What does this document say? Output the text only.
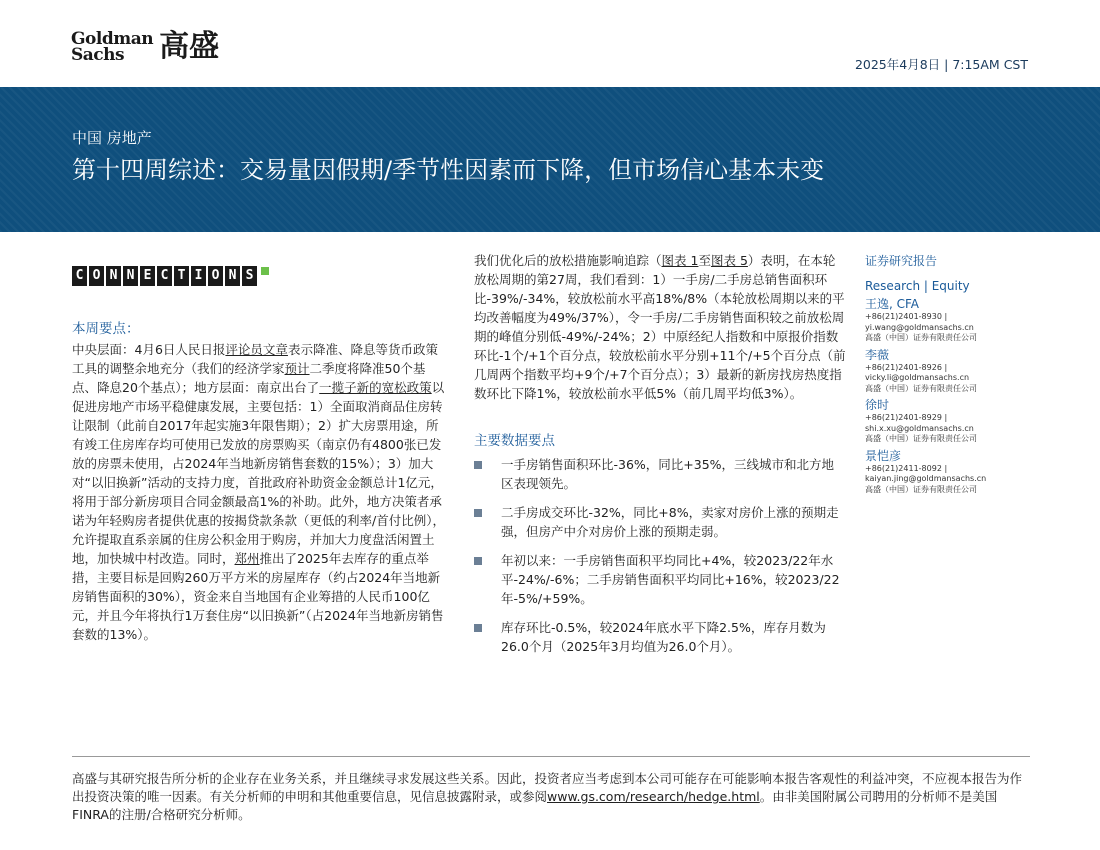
Goldman
Sachs	高盛
2025年4月8日 | 7:15AM CST
中国 房地产
第十四周综述：交易量因假期/季节性因素而下降，但市场信心基本未变
C O N N E C T I O N S
本周要点：
中央层面：4月6日人民日报评论员文章表示降准、降息等货币政策工具的调整余地充分（我们的经济学家预计二季度将降准50个基点、降息20个基点）；地方层面：南京出台了一揽子新的宽松政策以促进房地产市场平稳健康发展，主要包括：1）全面取消商品住房转让限制（此前自2017年起实施3年限售期）；2）扩大房票用途，所有竣工住房库存均可使用已发放的房票购买（南京仍有4800张已发放的房票未使用，占2024年当地新房销售套数的15%）；3）加大对“以旧换新”活动的支持力度，首批政府补助资金金额总计1亿元，将用于部分新房项目合同金额最高1%的补助。此外，地方决策者承诺为年轻购房者提供优惠的按揭贷款条款（更低的利率/首付比例），允许提取直系亲属的住房公积金用于购房，并加大力度盘活闲置土地，加快城中村改造。同时，郑州推出了2025年去库存的重点举措，主要目标是回购260万平方米的房屋库存（约占2024年当地新房销售面积的30%），资金来自当地国有企业筹措的人民币100亿元，并且今年将执行1万套住房“以旧换新”（占2024年当地新房销售套数的13%）。
我们优化后的放松措施影响追踪（图表 1至图表 5）表明，在本轮放松周期的第27周，我们看到：1）一手房/二手房总销售面积环比-39%/-34%，较放松前水平高18%/8%（本轮放松周期以来的平均改善幅度为49%/37%），令一手房/二手房销售面积较之前放松周期的峰值分别低-49%/-24%；2）中原经纪人指数和中原报价指数环比-1个/+1个百分点，较放松前水平分别+11个/+5个百分点（前几周两个指数平均+9个/+7个百分点）；3）最新的新房找房热度指数环比下降1%，较放松前水平低5%（前几周平均低3%）。
主要数据要点
一手房销售面积环比-36%，同比+35%，三线城市和北方地区表现领先。
二手房成交环比-32%，同比+8%，卖家对房价上涨的预期走强，但房产中介对房价上涨的预期走弱。
年初以来：一手房销售面积平均同比+4%，较2023/22年水平-24%/-6%；二手房销售面积平均同比+16%，较2023/22年-5%/+59%。
库存环比-0.5%，较2024年底水平下降2.5%，库存月数为26.0个月（2025年3月均值为26.0个月）。
证券研究报告
Research | Equity
王逸, CFA
+86(21)2401-8930 |
yi.wang@goldmansachs.cn
高盛（中国）证券有限责任公司
李薇
+86(21)2401-8926 |
vicky.li@goldmansachs.cn
高盛（中国）证券有限责任公司
徐时
+86(21)2401-8929 |
shi.x.xu@goldmansachs.cn
高盛（中国）证券有限责任公司
景恺彦
+86(21)2411-8092 |
kaiyan.jing@goldmansachs.cn
高盛（中国）证券有限责任公司
高盛与其研究报告所分析的企业存在业务关系，并且继续寻求发展这些关系。因此，投资者应当考虑到本公司可能存在可能影响本报告客观性的利益冲突，不应视本报告为作出投资决策的唯一因素。有关分析师的申明和其他重要信息，见信息披露附录，或参阅www.gs.com/research/hedge.html。由非美国附属公司聘用的分析师不是美国FINRA的注册/合格研究分析师。
